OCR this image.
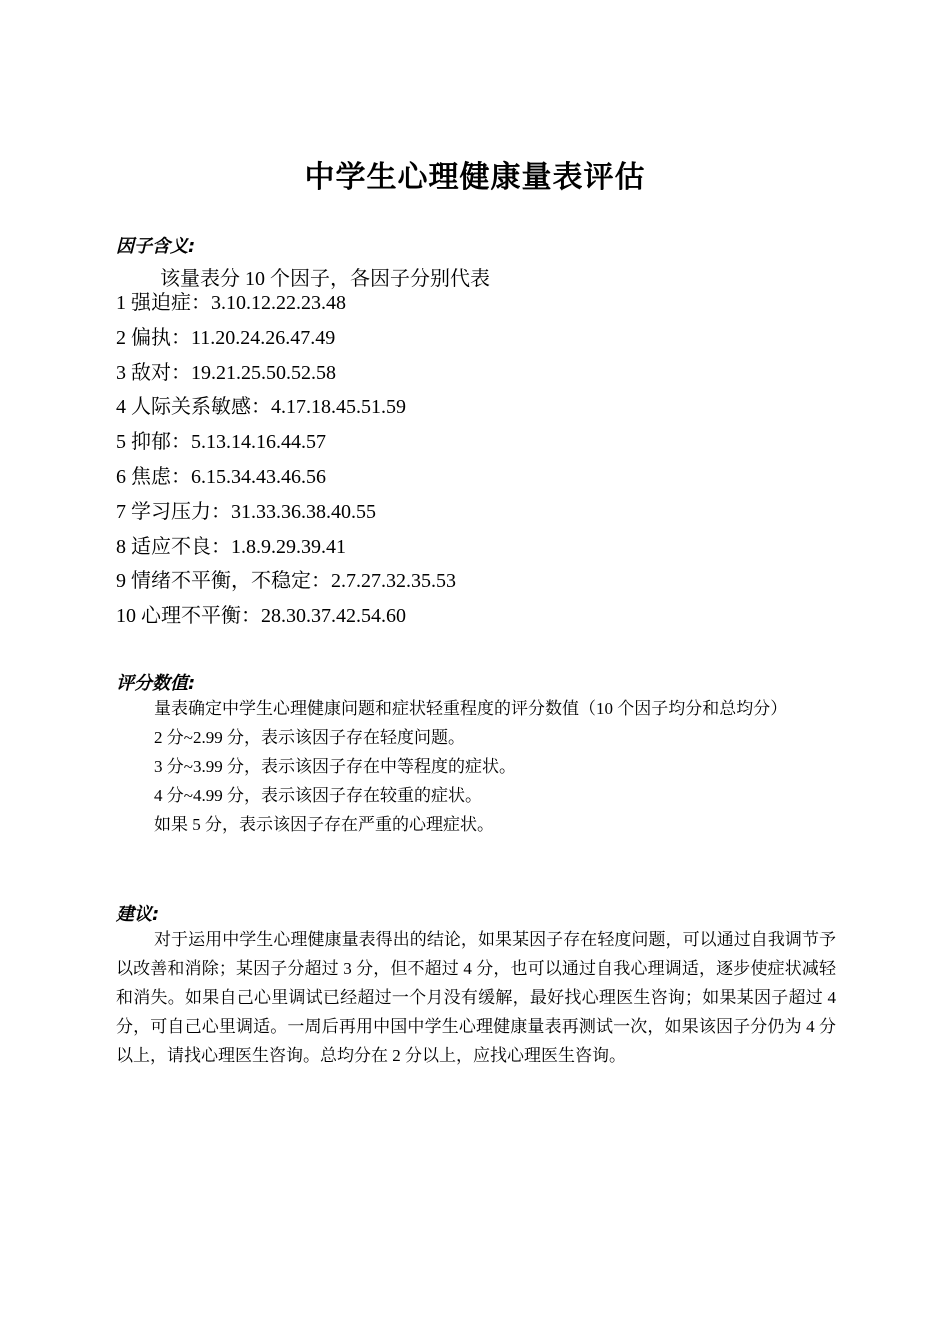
中学生心理健康量表评估
因子含义:
该量表分 10 个因子，各因子分别代表
1 强迫症：3.10.12.22.23.48
2 偏执：11.20.24.26.47.49
3 敌对：19.21.25.50.52.58
4 人际关系敏感：4.17.18.45.51.59
5 抑郁：5.13.14.16.44.57
6 焦虑：6.15.34.43.46.56
7 学习压力：31.33.36.38.40.55
8 适应不良：1.8.9.29.39.41
9 情绪不平衡，不稳定：2.7.27.32.35.53
10 心理不平衡：28.30.37.42.54.60
评分数值:

量表确定中学生心理健康问题和症状轻重程度的评分数值（10 个因子均分和总均分）

2 分~2.99 分，表示该因子存在轻度问题。

3 分~3.99 分，表示该因子存在中等程度的症状。

4 分~4.99 分，表示该因子存在较重的症状。

如果 5 分，表示该因子存在严重的心理症状。

建议:

对于运用中学生心理健康量表得出的结论，如果某因子存在轻度问题，可以通过自我调节予以改善和消除；某因子分超过 3 分，但不超过 4 分，也可以通过自我心理调适，逐步使症状减轻和消失。如果自己心里调试已经超过一个月没有缓解，最好找心理医生咨询；如果某因子超过 4 分，可自己心里调适。一周后再用中国中学生心理健康量表再测试一次，如果该因子分仍为 4 分以上，请找心理医生咨询。总均分在 2 分以上，应找心理医生咨询。
